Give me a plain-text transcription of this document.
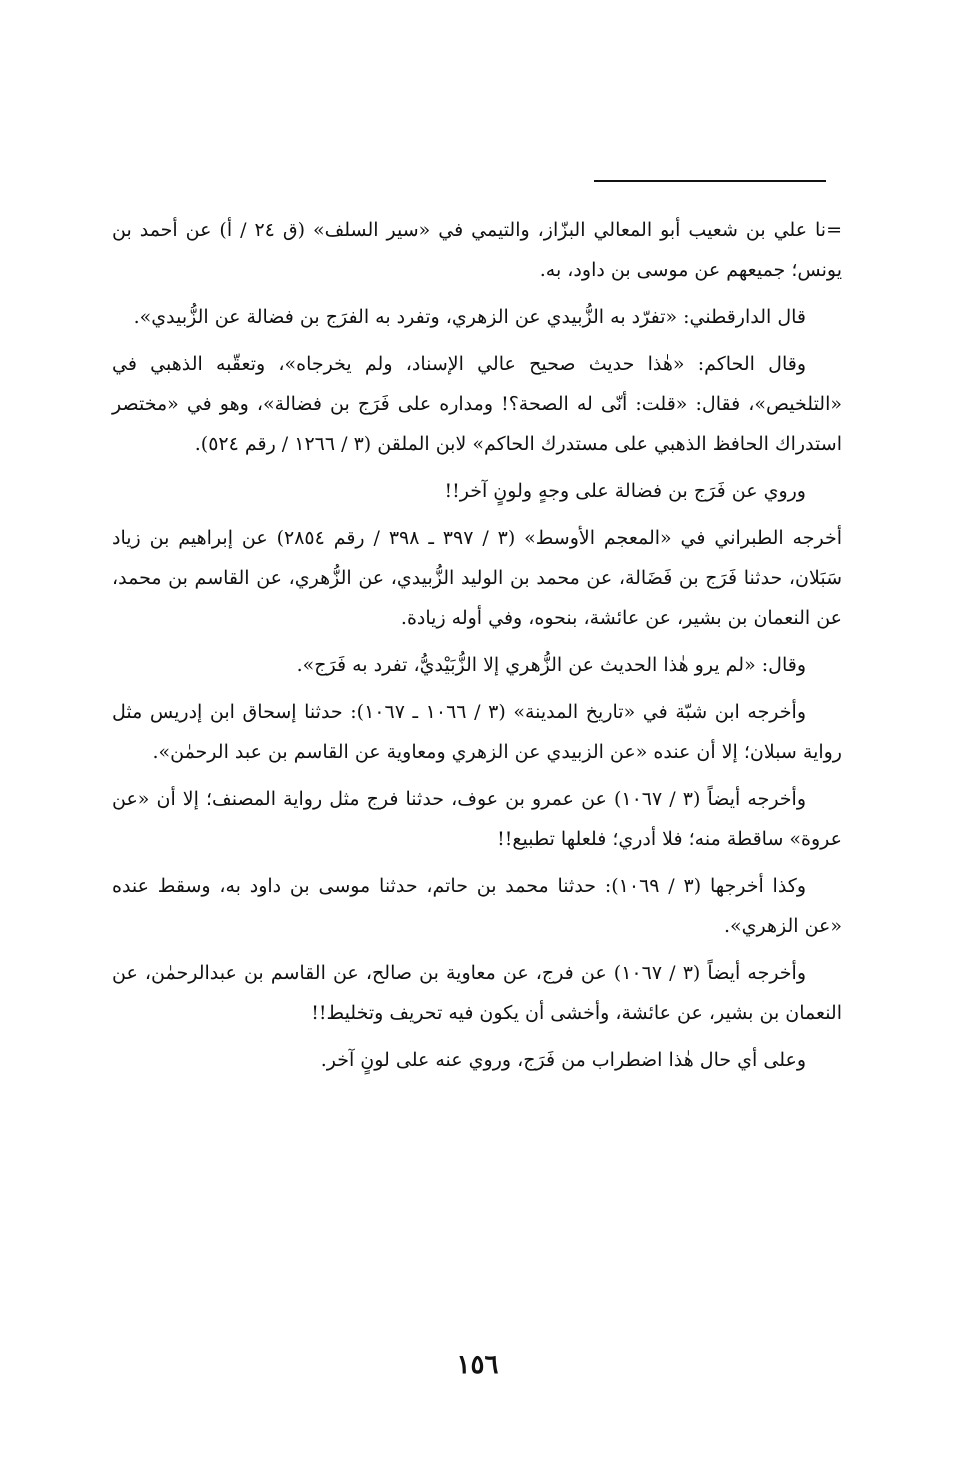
=نا علي بن شعيب أبو المعالي البزّاز، والتيمي في «سير السلف» (ق ٢٤ / أ) عن أحمد بن يونس؛ جميعهم عن موسى بن داود، به.

قال الدارقطني: «تفرّد به الزُّبيدي عن الزهري، وتفرد به الفرَج بن فضالة عن الزُّبيدي».

وقال الحاكم: «هٰذا حديث صحيح عالي الإسناد، ولم يخرجاه»، وتعقّبه الذهبي في «التلخيص»، فقال: «قلت: أنّى له الصحة؟! ومداره على فَرَج بن فضالة»، وهو في «مختصر استدراك الحافظ الذهبي على مستدرك الحاكم» لابن الملقن (٣ / ١٢٦٦ / رقم ٥٢٤).

وروي عن فَرَج بن فضالة على وجهٍ ولونٍ آخر!!

أخرجه الطبراني في «المعجم الأوسط» (٣ / ٣٩٧ ـ ٣٩٨ / رقم ٢٨٥٤) عن إبراهيم بن زياد سَبَلان، حدثنا فَرَج بن فَضَالة، عن محمد بن الوليد الزُّبيدي، عن الزُّهري، عن القاسم بن محمد، عن النعمان بن بشير، عن عائشة، بنحوه، وفي أوله زيادة.

وقال: «لم يرو هٰذا الحديث عن الزُّهري إلا الزُّبَيْديُّ، تفرد به فَرَج».

وأخرجه ابن شبّة في «تاريخ المدينة» (٣ / ١٠٦٦ ـ ١٠٦٧): حدثنا إسحاق ابن إدريس مثل رواية سبلان؛ إلا أن عنده «عن الزبيدي عن الزهري ومعاوية عن القاسم بن عبد الرحمٰن».

وأخرجه أيضاً (٣ / ١٠٦٧) عن عمرو بن عوف، حدثنا فرج مثل رواية المصنف؛ إلا أن «عن عروة» ساقطة منه؛ فلا أدري؛ فلعلها تطبيع!!

وكذا أخرجها (٣ / ١٠٦٩): حدثنا محمد بن حاتم، حدثنا موسى بن داود به، وسقط عنده «عن الزهري».

وأخرجه أيضاً (٣ / ١٠٦٧) عن فرج، عن معاوية بن صالح، عن القاسم بن عبدالرحمٰن، عن النعمان بن بشير، عن عائشة، وأخشى أن يكون فيه تحريف وتخليط!!

وعلى أي حال هٰذا اضطراب من فَرَج، وروي عنه على لونٍ آخر.

١٥٦
